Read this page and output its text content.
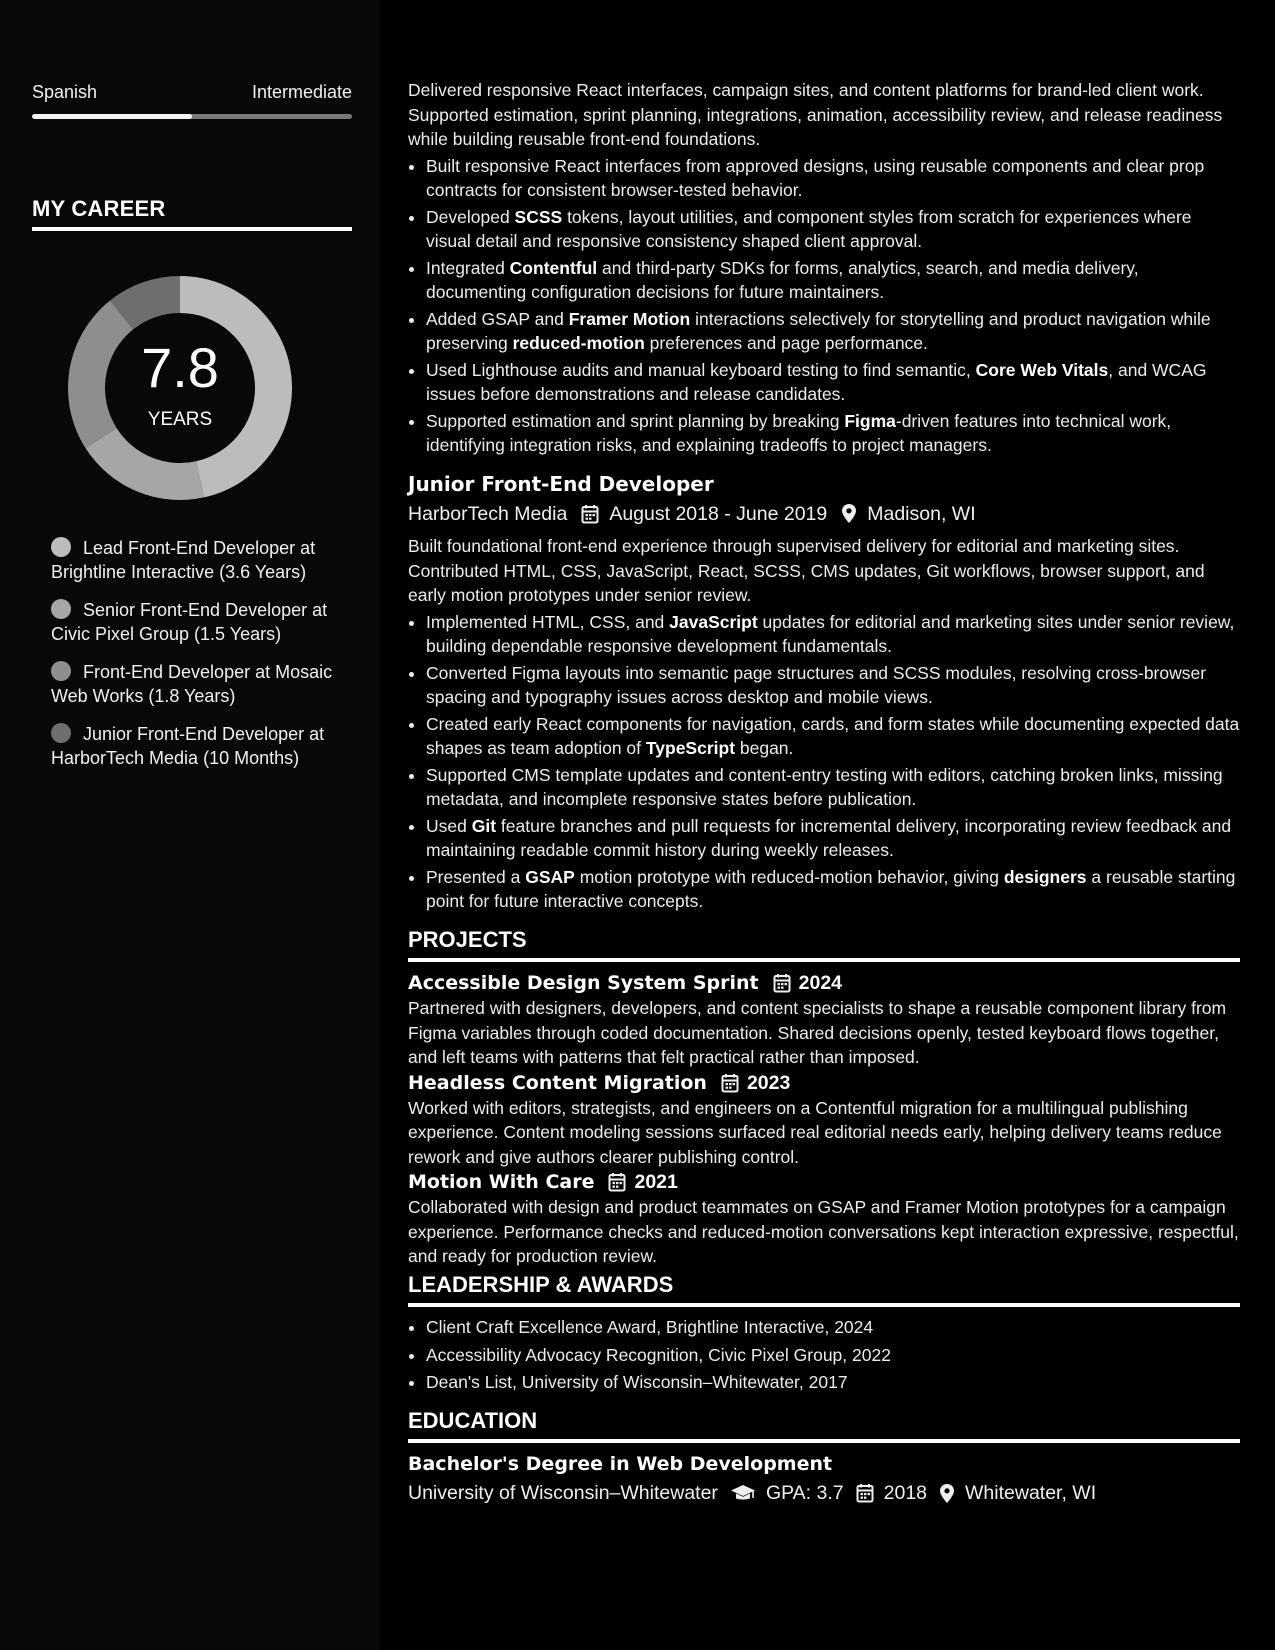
Spanish	Intermediate
MY CAREER
7.8
YEARS
Lead Front-End Developer at Brightline Interactive (3.6 Years)
Senior Front-End Developer at Civic Pixel Group (1.5 Years)
Front-End Developer at Mosaic Web Works (1.8 Years)
Junior Front-End Developer at HarborTech Media (10 Months)

Delivered responsive React interfaces, campaign sites, and content platforms for brand-led client work. Supported estimation, sprint planning, integrations, animation, accessibility review, and release readiness while building reusable front-end foundations.

• Built responsive React interfaces from approved designs, using reusable components and clear prop contracts for consistent browser-tested behavior.
• Developed SCSS tokens, layout utilities, and component styles from scratch for experiences where visual detail and responsive consistency shaped client approval.
• Integrated Contentful and third-party SDKs for forms, analytics, search, and media delivery, documenting configuration decisions for future maintainers.
• Added GSAP and Framer Motion interactions selectively for storytelling and product navigation while preserving reduced-motion preferences and page performance.
• Used Lighthouse audits and manual keyboard testing to find semantic, Core Web Vitals, and WCAG issues before demonstrations and release candidates.
• Supported estimation and sprint planning by breaking Figma-driven features into technical work, identifying integration risks, and explaining tradeoffs to project managers.
Junior Front-End Developer
HarborTech Media August 2018 - June 2019 Madison, WI

Built foundational front-end experience through supervised delivery for editorial and marketing sites. Contributed HTML, CSS, JavaScript, React, SCSS, CMS updates, Git workflows, browser support, and early motion prototypes under senior review.

• Implemented HTML, CSS, and JavaScript updates for editorial and marketing sites under senior review, building dependable responsive development fundamentals.
• Converted Figma layouts into semantic page structures and SCSS modules, resolving cross-browser spacing and typography issues across desktop and mobile views.
• Created early React components for navigation, cards, and form states while documenting expected data shapes as team adoption of TypeScript began.
• Supported CMS template updates and content-entry testing with editors, catching broken links, missing metadata, and incomplete responsive states before publication.
• Used Git feature branches and pull requests for incremental delivery, incorporating review feedback and maintaining readable commit history during weekly releases.
• Presented a GSAP motion prototype with reduced-motion behavior, giving designers a reusable starting point for future interactive concepts.
PROJECTS
Accessible Design System Sprint 2024

Partnered with designers, developers, and content specialists to shape a reusable component library from Figma variables through coded documentation. Shared decisions openly, tested keyboard flows together, and left teams with patterns that felt practical rather than imposed.

Headless Content Migration 2023

Worked with editors, strategists, and engineers on a Contentful migration for a multilingual publishing experience. Content modeling sessions surfaced real editorial needs early, helping delivery teams reduce rework and give authors clearer publishing control.

Motion With Care 2021

Collaborated with design and product teammates on GSAP and Framer Motion prototypes for a campaign experience. Performance checks and reduced-motion conversations kept interaction expressive, respectful, and ready for production review.

LEADERSHIP & AWARDS
• Client Craft Excellence Award, Brightline Interactive, 2024
• Accessibility Advocacy Recognition, Civic Pixel Group, 2022
• Dean's List, University of Wisconsin–Whitewater, 2017
EDUCATION
Bachelor's Degree in Web Development
University of Wisconsin–Whitewater GPA: 3.7 2018 Whitewater, WI
